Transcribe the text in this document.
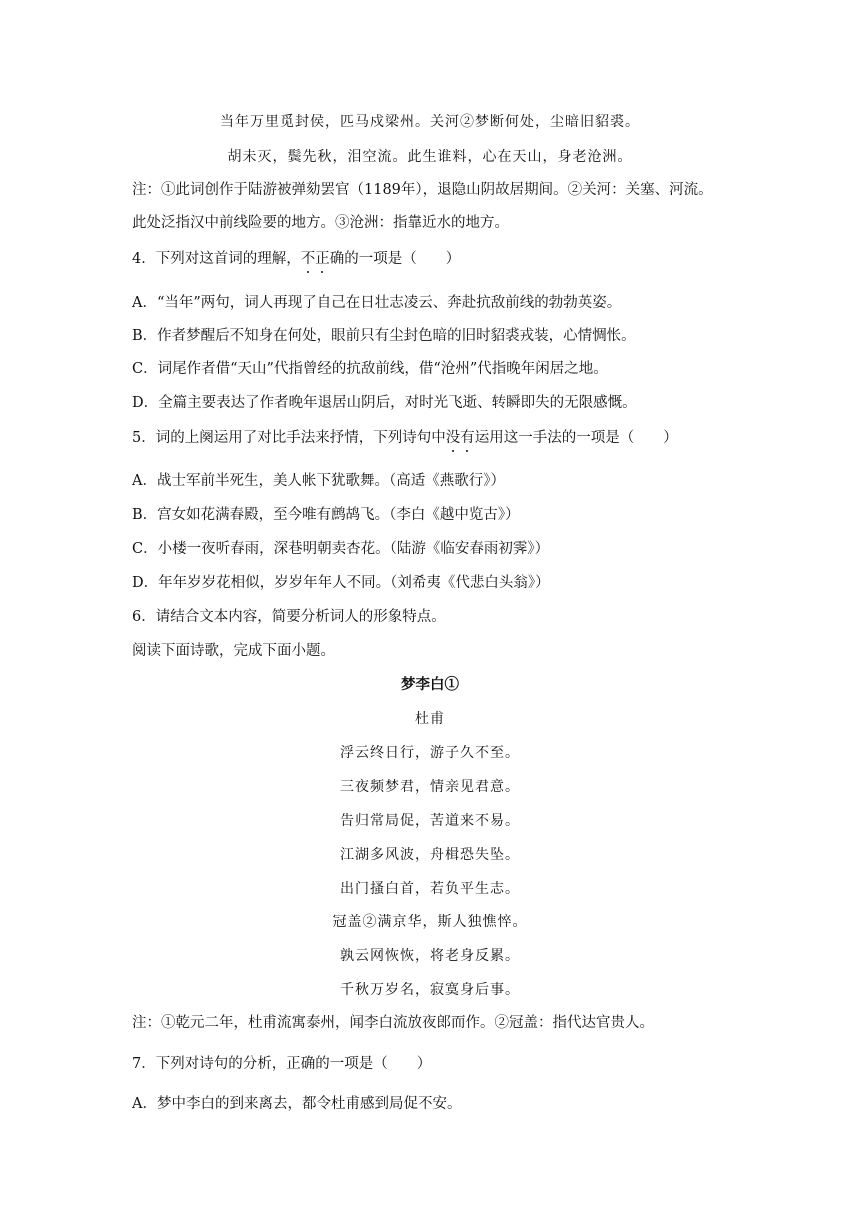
当年万里觅封侯，匹马戍梁州。关河②梦断何处，尘暗旧貂裘。
胡未灭，鬓先秋，泪空流。此生谁料，心在天山，身老沧洲。
注：①此词创作于陆游被弹劾罢官（1189年），退隐山阴故居期间。②关河：关塞、河流。
此处泛指汉中前线险要的地方。③沧洲：指靠近水的地方。
4．下列对这首词的理解，不正确的一项是（　　）
A．“当年”两句，词人再现了自己在日壮志凌云、奔赴抗敌前线的勃勃英姿。
B．作者梦醒后不知身在何处，眼前只有尘封色暗的旧时貂裘戎装，心情惆怅。
C．词尾作者借“天山”代指曾经的抗敌前线，借“沧州”代指晚年闲居之地。
D．全篇主要表达了作者晚年退居山阴后，对时光飞逝、转瞬即失的无限感慨。
5．词的上阕运用了对比手法来抒情，下列诗句中没有运用这一手法的一项是（　　）
A．战士军前半死生，美人帐下犹歌舞。（高适《燕歌行》）
B．宫女如花满春殿，至今唯有鹧鸪飞。（李白《越中览古》）
C．小楼一夜听春雨，深巷明朝卖杏花。（陆游《临安春雨初霁》）
D．年年岁岁花相似，岁岁年年人不同。（刘希夷《代悲白头翁》）
6．请结合文本内容，简要分析词人的形象特点。
阅读下面诗歌，完成下面小题。
梦李白①
杜甫
浮云终日行，游子久不至。
三夜频梦君，情亲见君意。
告归常局促，苦道来不易。
江湖多风波，舟楫恐失坠。
出门搔白首，若负平生志。
冠盖②满京华，斯人独憔悴。
孰云网恢恢，将老身反累。
千秋万岁名，寂寞身后事。
注：①乾元二年，杜甫流寓泰州，闻李白流放夜郎而作。②冠盖：指代达官贵人。
7．下列对诗句的分析，正确的一项是（　　）
A．梦中李白的到来离去，都令杜甫感到局促不安。
